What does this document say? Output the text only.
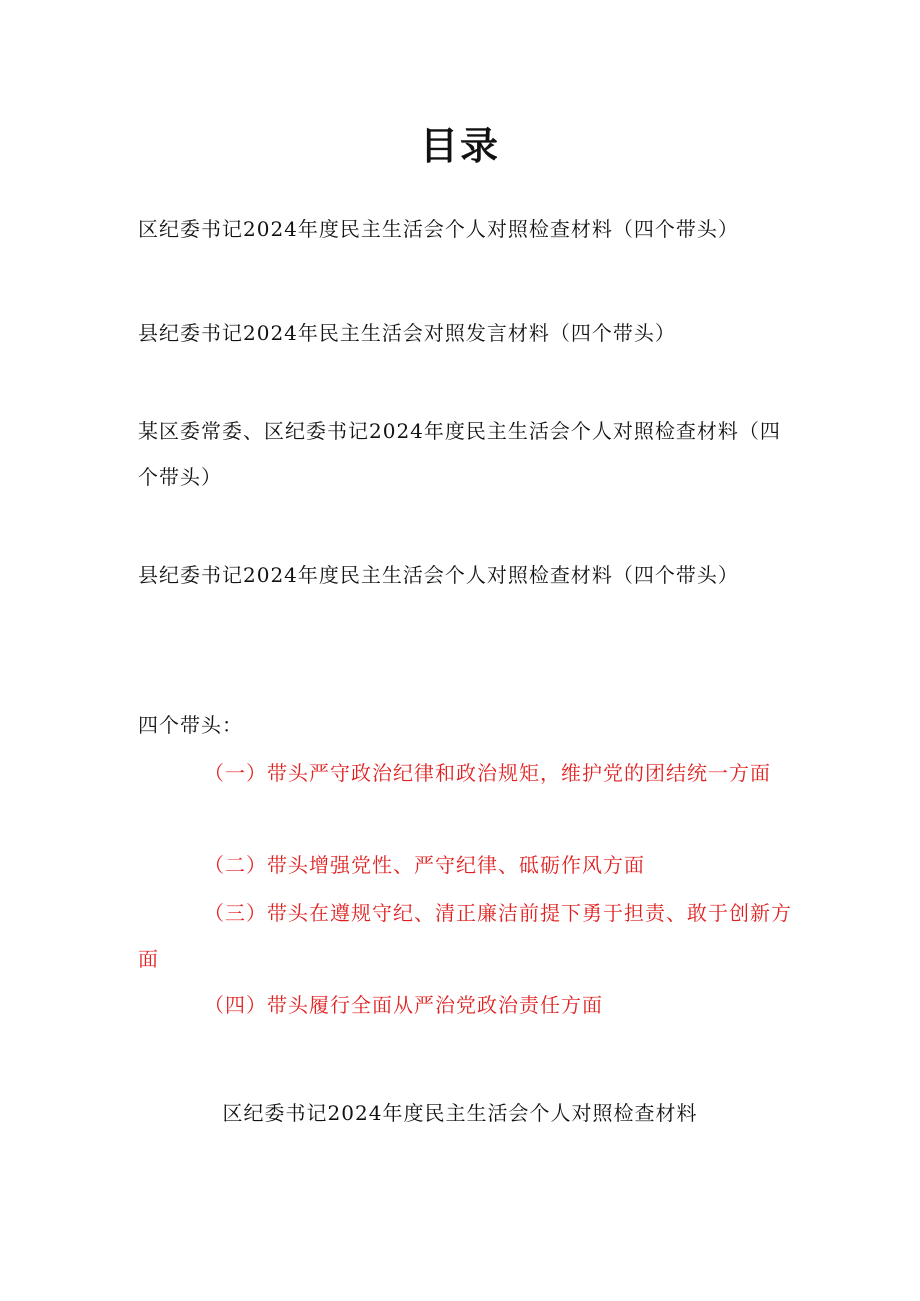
目录
区纪委书记2024年度民主生活会个人对照检查材料（四个带头）
县纪委书记2024年民主生活会对照发言材料（四个带头）
某区委常委、区纪委书记2024年度民主生活会个人对照检查材料（四个带头）
县纪委书记2024年度民主生活会个人对照检查材料（四个带头）
四个带头：
（一）带头严守政治纪律和政治规矩，维护党的团结统一方面
（二）带头增强党性、严守纪律、砥砺作风方面
（三）带头在遵规守纪、清正廉洁前提下勇于担责、敢于创新方面
（四）带头履行全面从严治党政治责任方面
区纪委书记2024年度民主生活会个人对照检查材料
